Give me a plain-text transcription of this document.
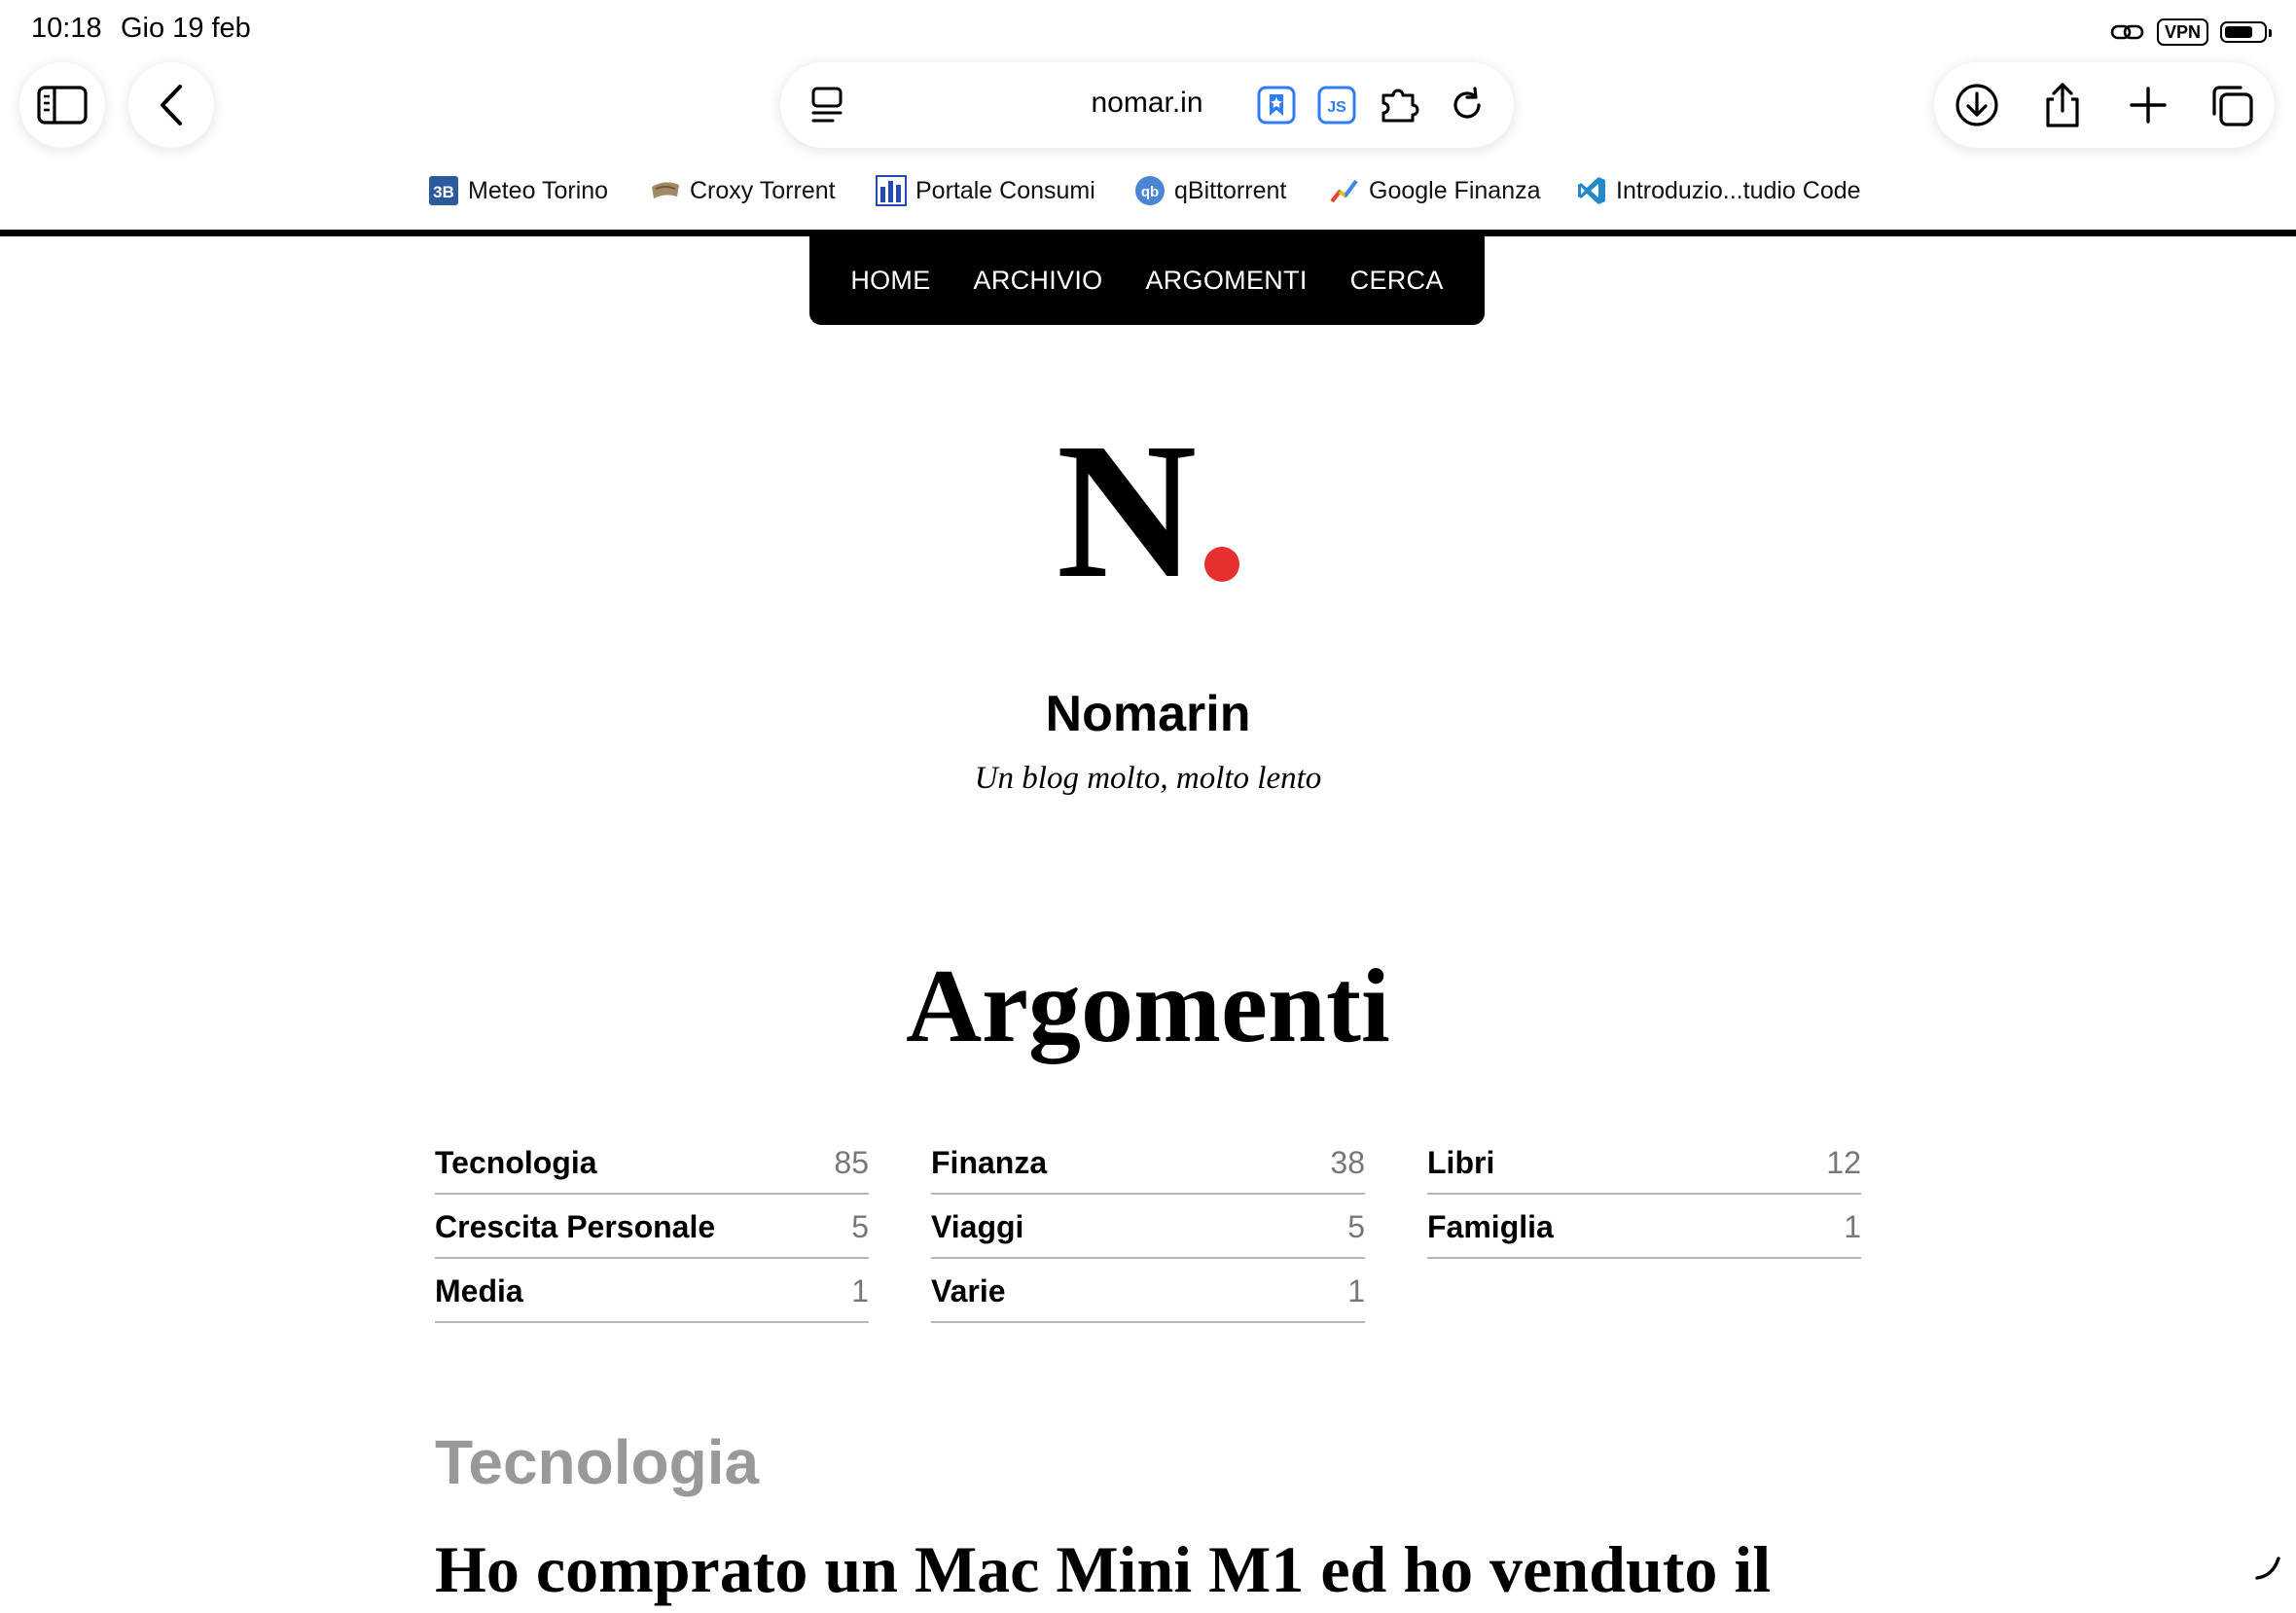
10:18 Gio 19 feb	VPN
nomar.in	JS
3B Meteo Torino	Croxy Torrent	Portale Consumi	qb qBittorrent	Google Finanza	Introduzio...tudio Code
HOME ARCHIVIO ARGOMENTI CERCA
N
Nomarin
Un blog molto, molto lento
Argomenti
Tecnologia	85 Finanza	38 Libri	12
Crescita Personale	5 Viaggi	5 Famiglia	1
Media	1 Varie	1
Tecnologia
Ho comprato un Mac Mini M1 ed ho venduto il
